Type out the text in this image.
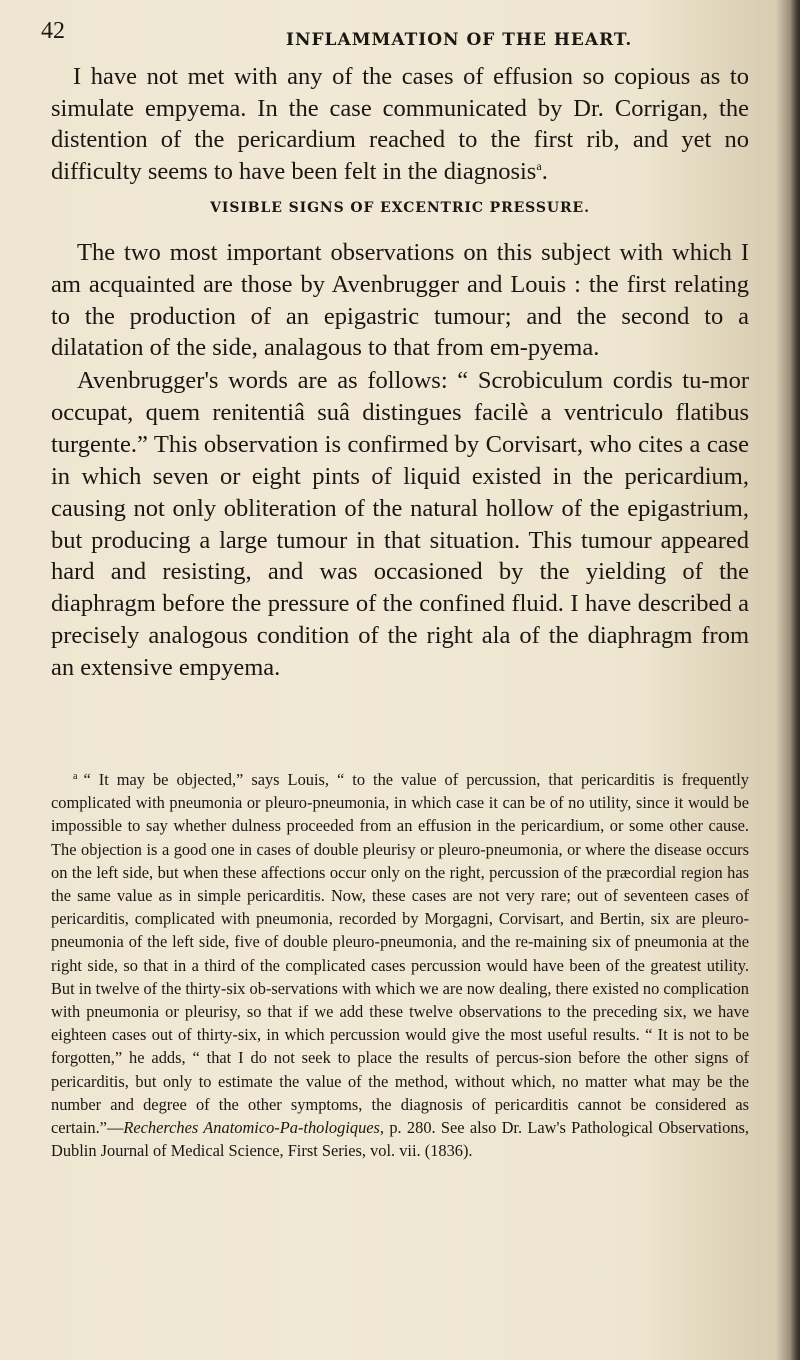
42	INFLAMMATION OF THE HEART.

I have not met with any of the cases of effusion so copious as to simulate empyema. In the case communicated by Dr. Corrigan, the distention of the pericardium reached to the first rib, and yet no difficulty seems to have been felt in the diagnosis$^a$.

VISIBLE SIGNS OF EXCENTRIC PRESSURE.

The two most important observations on this subject with which I am acquainted are those by Avenbrugger and Louis : the first relating to the production of an epigastric tumour; and the second to a dilatation of the side, analagous to that from em-pyema.

Avenbrugger's words are as follows: “ Scrobiculum cordis tu-mor occupat, quem renitentiâ suâ distingues facilè a ventriculo flatibus turgente.” This observation is confirmed by Corvisart, who cites a case in which seven or eight pints of liquid existed in the pericardium, causing not only obliteration of the natural hollow of the epigastrium, but producing a large tumour in that situation. This tumour appeared hard and resisting, and was occasioned by the yielding of the diaphragm before the pressure of the confined fluid. I have described a precisely analogous condition of the right ala of the diaphragm from an extensive empyema.

$^a$ “ It may be objected,” says Louis, “ to the value of percussion, that pericarditis is frequently complicated with pneumonia or pleuro-pneumonia, in which case it can be of no utility, since it would be impossible to say whether dulness proceeded from an effusion in the pericardium, or some other cause. The objection is a good one in cases of double pleurisy or pleuro-pneumonia, or where the disease occurs on the left side, but when these affections occur only on the right, percussion of the præcordial region has the same value as in simple pericarditis. Now, these cases are not very rare; out of seventeen cases of pericarditis, complicated with pneumonia, recorded by Morgagni, Corvisart, and Bertin, six are pleuro-pneumonia of the left side, five of double pleuro-pneumonia, and the re-maining six of pneumonia at the right side, so that in a third of the complicated cases percussion would have been of the greatest utility. But in twelve of the thirty-six ob-servations with which we are now dealing, there existed no complication with pneumonia or pleurisy, so that if we add these twelve observations to the preceding six, we have eighteen cases out of thirty-six, in which percussion would give the most useful results. “ It is not to be forgotten,” he adds, “ that I do not seek to place the results of percus-sion before the other signs of pericarditis, but only to estimate the value of the method, without which, no matter what may be the number and degree of the other symptoms, the diagnosis of pericarditis cannot be considered as certain.”—Recherches Anatomico-Pa-thologiques, p. 280. See also Dr. Law's Pathological Observations, Dublin Journal of Medical Science, First Series, vol. vii. (1836).
